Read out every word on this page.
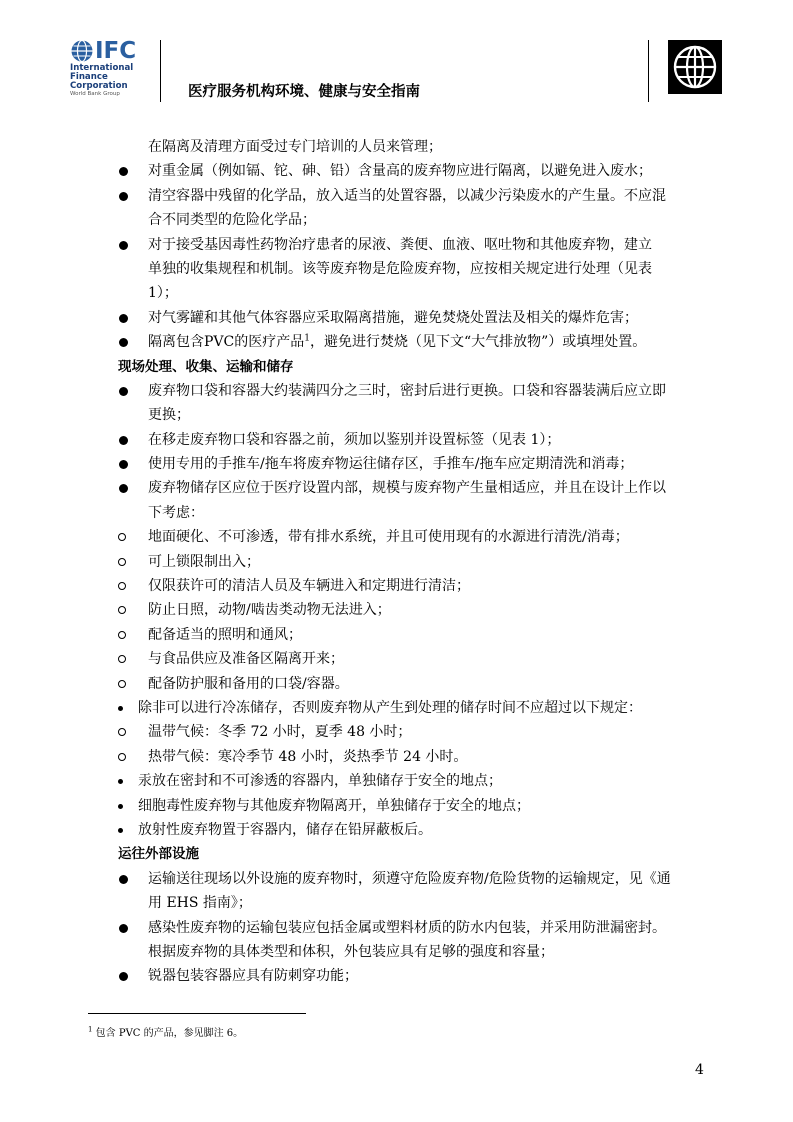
IFC
International
Finance
Corporation
World Bank Group	医疗服务机构环境、健康与安全指南
在隔离及清理方面受过专门培训的人员来管理；
对重金属（例如镉、铊、砷、铅）含量高的废弃物应进行隔离，以避免进入废水；
清空容器中残留的化学品，放入适当的处置容器，以减少污染废水的产生量。不应混
合不同类型的危险化学品；
对于接受基因毒性药物治疗患者的尿液、粪便、血液、呕吐物和其他废弃物，建立
单独的收集规程和机制。该等废弃物是危险废弃物，应按相关规定进行处理（见表
1）；
对气雾罐和其他气体容器应采取隔离措施，避免焚烧处置法及相关的爆炸危害；
隔离包含PVC的医疗产品$^1$，避免进行焚烧（见下文“大气排放物”）或填埋处置。
现场处理、收集、运输和储存
废弃物口袋和容器大约装满四分之三时，密封后进行更换。口袋和容器装满后应立即
更换；
在移走废弃物口袋和容器之前，须加以鉴别并设置标签（见表 1）；
使用专用的手推车/拖车将废弃物运往储存区，手推车/拖车应定期清洗和消毒；
废弃物储存区应位于医疗设置内部，规模与废弃物产生量相适应，并且在设计上作以
下考虑：
地面硬化、不可渗透，带有排水系统，并且可使用现有的水源进行清洗/消毒；
可上锁限制出入；
仅限获许可的清洁人员及车辆进入和定期进行清洁；
防止日照，动物/啮齿类动物无法进入；
配备适当的照明和通风；
与食品供应及准备区隔离开来；
配备防护服和备用的口袋/容器。
除非可以进行冷冻储存，否则废弃物从产生到处理的储存时间不应超过以下规定：
温带气候：冬季 72 小时，夏季 48 小时；
热带气候：寒冷季节 48 小时，炎热季节 24 小时。
汞放在密封和不可渗透的容器内，单独储存于安全的地点；
细胞毒性废弃物与其他废弃物隔离开，单独储存于安全的地点；
放射性废弃物置于容器内，储存在铅屏蔽板后。
运往外部设施
运输送往现场以外设施的废弃物时，须遵守危险废弃物/危险货物的运输规定，见《通
用 EHS 指南》；
感染性废弃物的运输包装应包括金属或塑料材质的防水内包装，并采用防泄漏密封。
根据废弃物的具体类型和体积，外包装应具有足够的强度和容量；
锐器包装容器应具有防刺穿功能；
$^1$ 包含 PVC 的产品，参见脚注 6。
4
